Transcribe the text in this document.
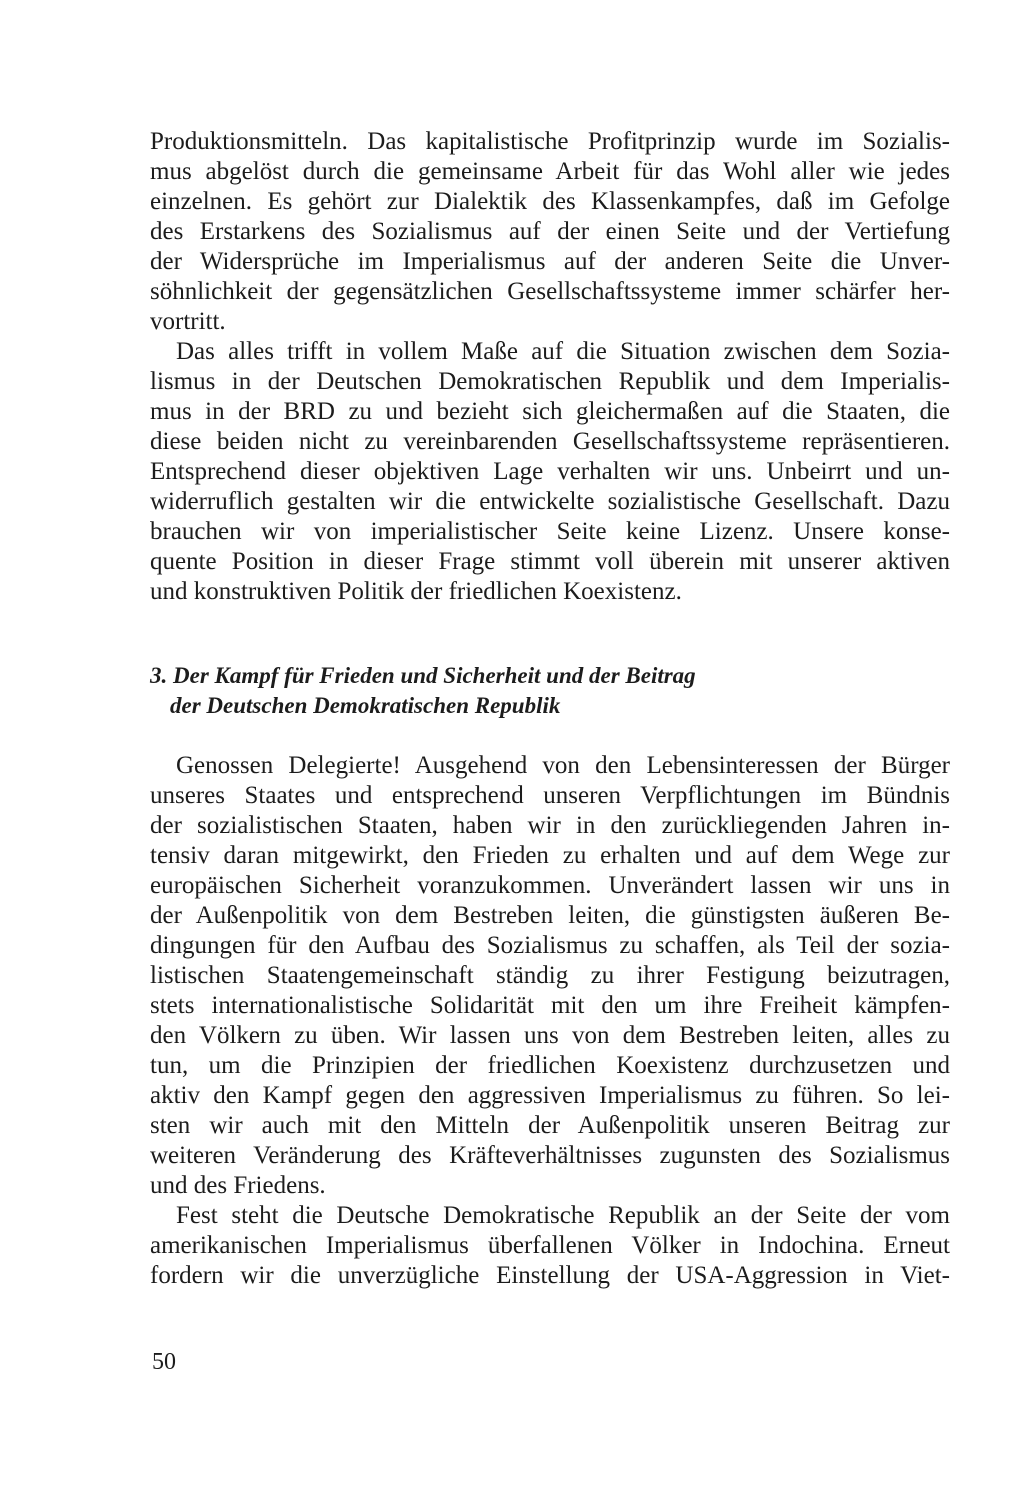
Produktionsmitteln. Das kapitalistische Profitprinzip wurde im Sozialis-
mus abgelöst durch die gemeinsame Arbeit für das Wohl aller wie jedes
einzelnen. Es gehört zur Dialektik des Klassenkampfes, daß im Gefolge
des Erstarkens des Sozialismus auf der einen Seite und der Vertiefung
der Widersprüche im Imperialismus auf der anderen Seite die Unver-
söhnlichkeit der gegensätzlichen Gesellschaftssysteme immer schärfer her-
vortritt.
Das alles trifft in vollem Maße auf die Situation zwischen dem Sozia-
lismus in der Deutschen Demokratischen Republik und dem Imperialis-
mus in der BRD zu und bezieht sich gleichermaßen auf die Staaten, die
diese beiden nicht zu vereinbarenden Gesellschaftssysteme repräsentieren.
Entsprechend dieser objektiven Lage verhalten wir uns. Unbeirrt und un-
widerruflich gestalten wir die entwickelte sozialistische Gesellschaft. Dazu
brauchen wir von imperialistischer Seite keine Lizenz. Unsere konse-
quente Position in dieser Frage stimmt voll überein mit unserer aktiven
und konstruktiven Politik der friedlichen Koexistenz.
3. Der Kampf für Frieden und Sicherheit und der Beitrag
der Deutschen Demokratischen Republik
Genossen Delegierte! Ausgehend von den Lebensinteressen der Bürger
unseres Staates und entsprechend unseren Verpflichtungen im Bündnis
der sozialistischen Staaten, haben wir in den zurückliegenden Jahren in-
tensiv daran mitgewirkt, den Frieden zu erhalten und auf dem Wege zur
europäischen Sicherheit voranzukommen. Unverändert lassen wir uns in
der Außenpolitik von dem Bestreben leiten, die günstigsten äußeren Be-
dingungen für den Aufbau des Sozialismus zu schaffen, als Teil der sozia-
listischen Staatengemeinschaft ständig zu ihrer Festigung beizutragen,
stets internationalistische Solidarität mit den um ihre Freiheit kämpfen-
den Völkern zu üben. Wir lassen uns von dem Bestreben leiten, alles zu
tun, um die Prinzipien der friedlichen Koexistenz durchzusetzen und
aktiv den Kampf gegen den aggressiven Imperialismus zu führen. So lei-
sten wir auch mit den Mitteln der Außenpolitik unseren Beitrag zur
weiteren Veränderung des Kräfteverhältnisses zugunsten des Sozialismus
und des Friedens.
Fest steht die Deutsche Demokratische Republik an der Seite der vom
amerikanischen Imperialismus überfallenen Völker in Indochina. Erneut
fordern wir die unverzügliche Einstellung der USA-Aggression in Viet-
50
